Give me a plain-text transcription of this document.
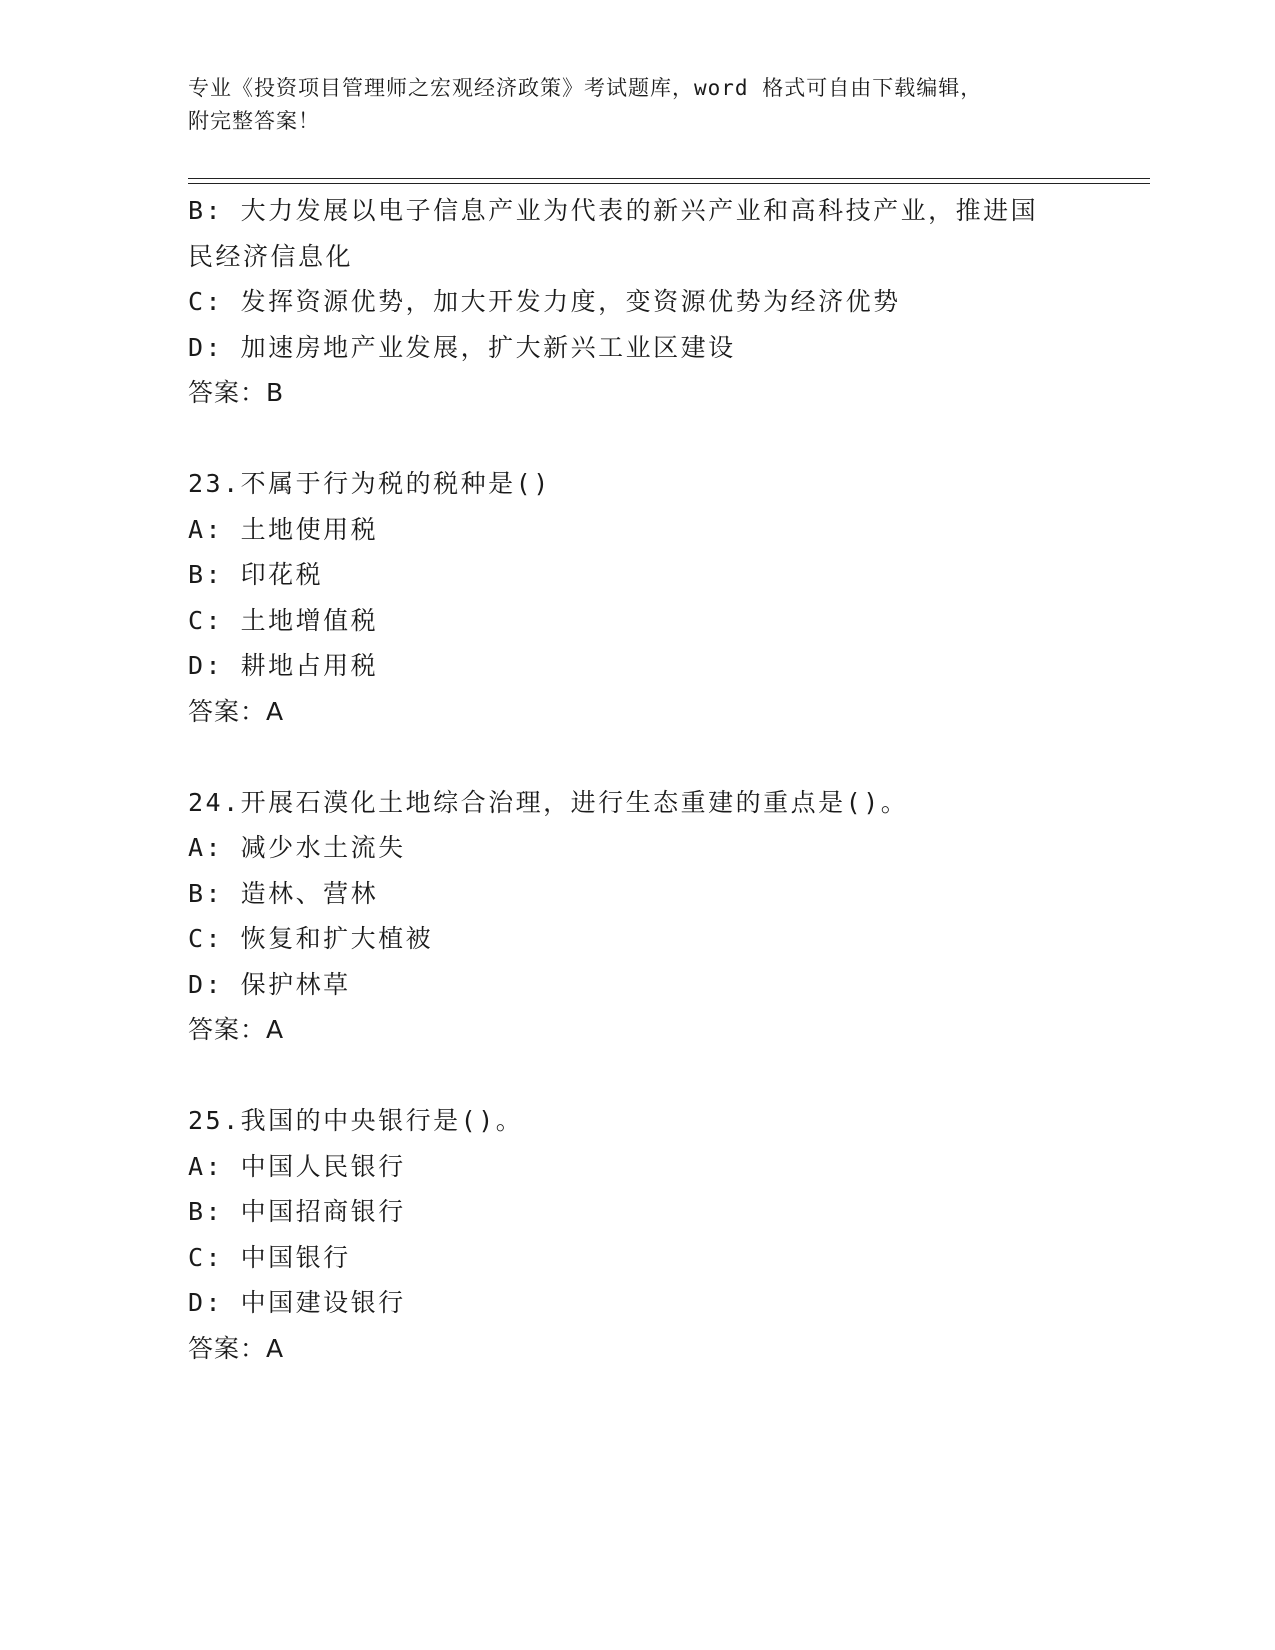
专业《投资项目管理师之宏观经济政策》考试题库，word 格式可自由下载编辑，
附完整答案！
B: 大力发展以电子信息产业为代表的新兴产业和高科技产业，推进国
民经济信息化
C: 发挥资源优势，加大开发力度，变资源优势为经济优势
D: 加速房地产业发展，扩大新兴工业区建设
答案：B
23.不属于行为税的税种是()
A: 土地使用税
B: 印花税
C: 土地增值税
D: 耕地占用税
答案：A
24.开展石漠化土地综合治理，进行生态重建的重点是()。
A: 减少水土流失
B: 造林、营林
C: 恢复和扩大植被
D: 保护林草
答案：A
25.我国的中央银行是()。
A: 中国人民银行
B: 中国招商银行
C: 中国银行
D: 中国建设银行
答案：A
